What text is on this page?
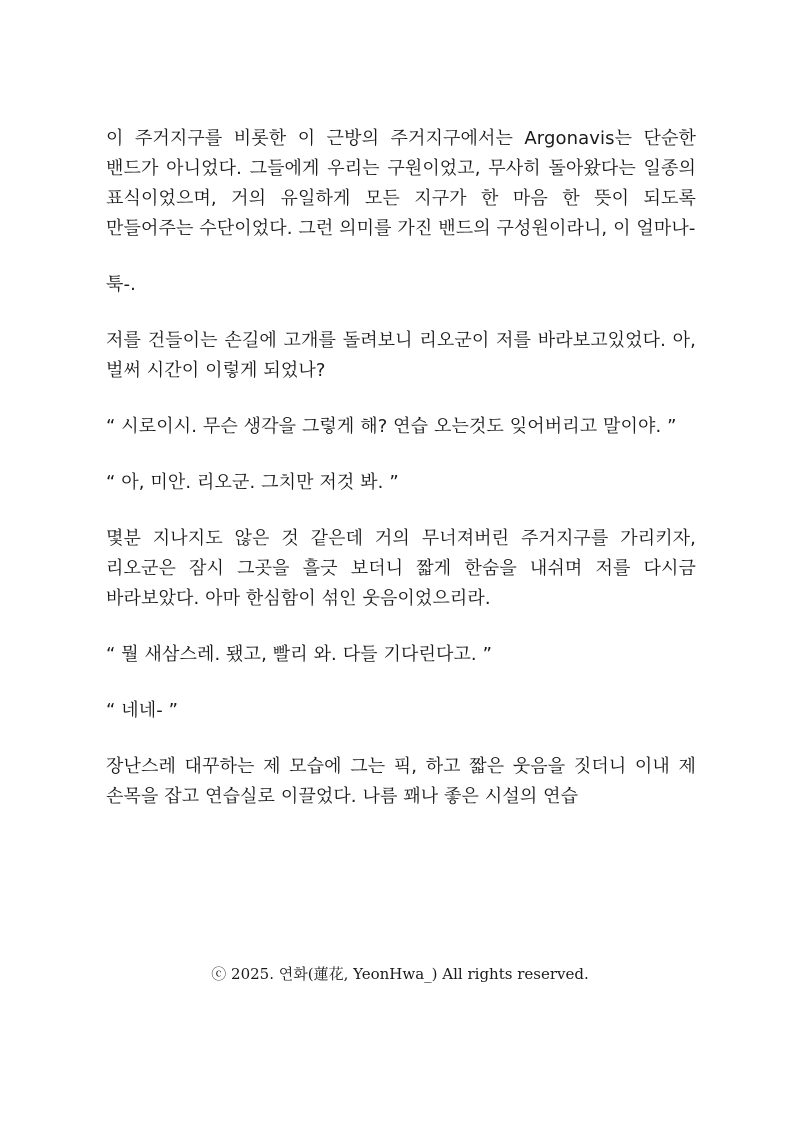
이 주거지구를 비롯한 이 근방의 주거지구에서는 Argonavis는 단순한 밴드가 아니었다. 그들에게 우리는 구원이었고, 무사히 돌아왔다는 일종의 표식이었으며, 거의 유일하게 모든 지구가 한 마음 한 뜻이 되도록 만들어주는 수단이었다. 그런 의미를 가진 밴드의 구성원이라니, 이 얼마나-

툭-.

저를 건들이는 손길에 고개를 돌려보니 리오군이 저를 바라보고있었다. 아, 벌써 시간이 이렇게 되었나?

“ 시로이시. 무슨 생각을 그렇게 해? 연습 오는것도 잊어버리고 말이야. ”

“ 아, 미안. 리오군. 그치만 저것 봐. ”

몇분 지나지도 않은 것 같은데 거의 무너져버린 주거지구를 가리키자, 리오군은 잠시 그곳을 흘긋 보더니 짧게 한숨을 내쉬며 저를 다시금 바라보았다. 아마 한심함이 섞인 웃음이었으리라.

“ 뭘 새삼스레. 됐고, 빨리 와. 다들 기다린다고. ”

“ 네네- ”

장난스레 대꾸하는 제 모습에 그는 픽, 하고 짧은 웃음을 짓더니 이내 제 손목을 잡고 연습실로 이끌었다. 나름 꽤나 좋은 시설의 연습

ⓒ 2025. 연화(蓮花, YeonHwa_) All rights reserved.
